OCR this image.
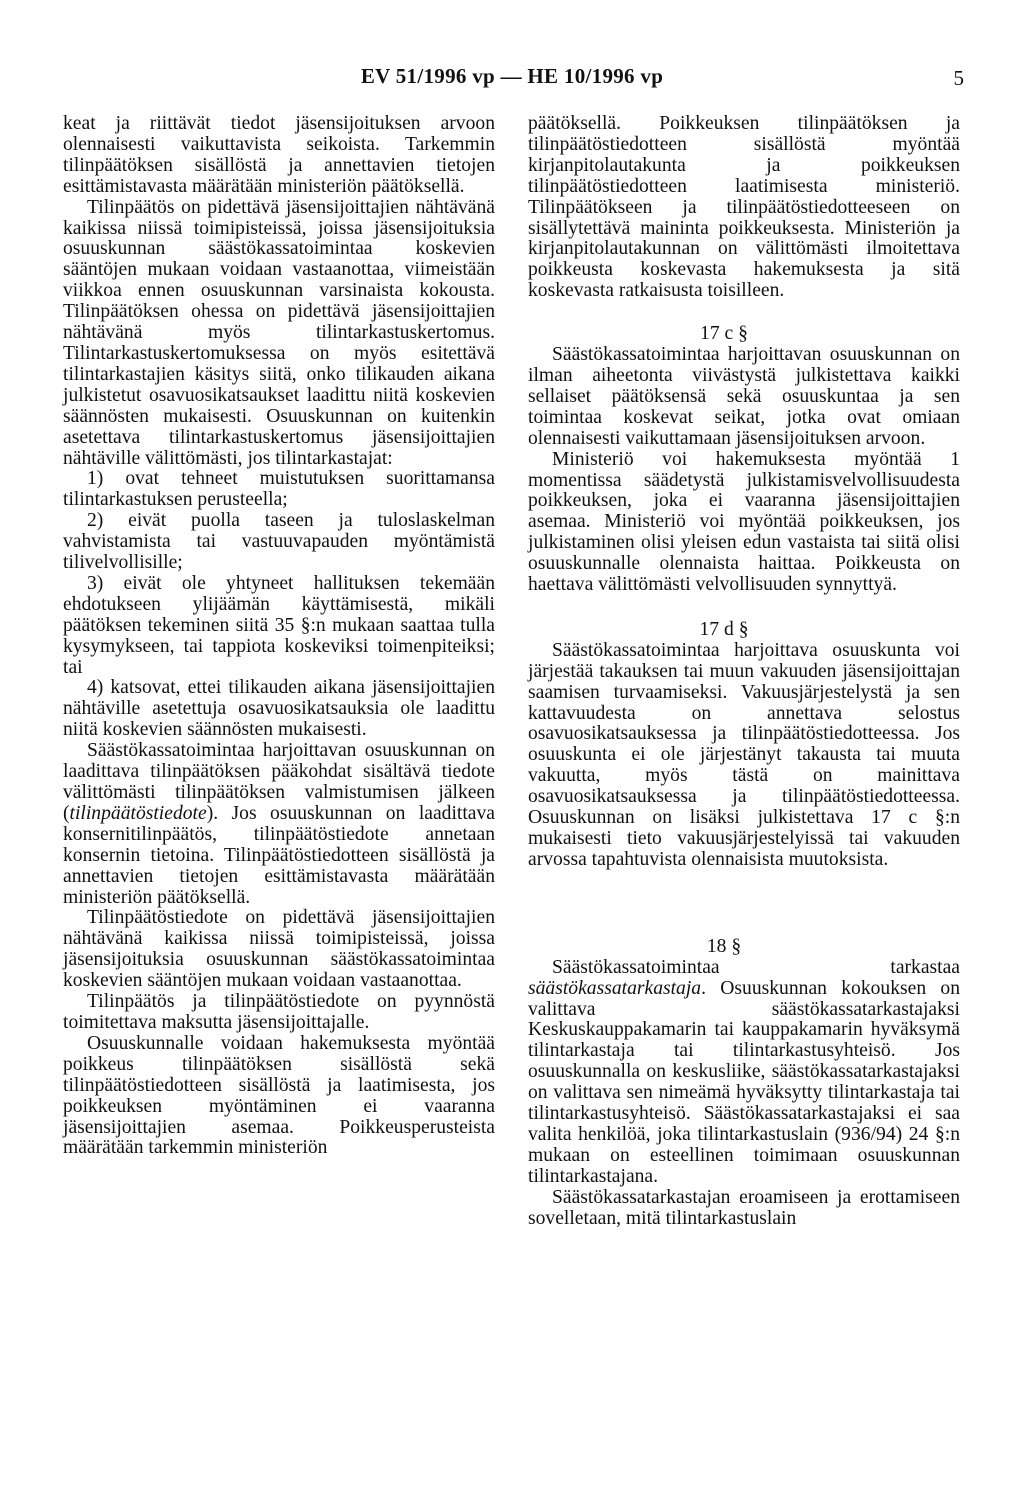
EV 51/1996 vp — HE 10/1996 vp	5

keat ja riittävät tiedot jäsensijoituksen arvoon olennaisesti vaikuttavista seikoista. Tarkemmin tilinpäätöksen sisällöstä ja annettavien tietojen esittämistavasta määrätään ministeriön päätöksellä.

Tilinpäätös on pidettävä jäsensijoittajien nähtävänä kaikissa niissä toimipisteissä, joissa jäsensijoituksia osuuskunnan säästökassatoimintaa koskevien sääntöjen mukaan voidaan vastaanottaa, viimeistään viikkoa ennen osuuskunnan varsinaista kokousta. Tilinpäätöksen ohessa on pidettävä jäsensijoittajien nähtävänä myös tilintarkastuskertomus. Tilintarkastuskertomuksessa on myös esitettävä tilintarkastajien käsitys siitä, onko tilikauden aikana julkistetut osavuosikatsaukset laadittu niitä koskevien säännösten mukaisesti. Osuuskunnan on kuitenkin asetettava tilintarkastuskertomus jäsensijoittajien nähtäville välittömästi, jos tilintarkastajat:

1) ovat tehneet muistutuksen suorittamansa tilintarkastuksen perusteella;

2) eivät puolla taseen ja tuloslaskelman vahvistamista tai vastuuvapauden myöntämistä tilivelvollisille;

3) eivät ole yhtyneet hallituksen tekemään ehdotukseen ylijäämän käyttämisestä, mikäli päätöksen tekeminen siitä 35 §:n mukaan saattaa tulla kysymykseen, tai tappiota koskeviksi toimenpiteiksi; tai

4) katsovat, ettei tilikauden aikana jäsensijoittajien nähtäville asetettuja osavuosikatsauksia ole laadittu niitä koskevien säännösten mukaisesti.

Säästökassatoimintaa harjoittavan osuuskunnan on laadittava tilinpäätöksen pääkohdat sisältävä tiedote välittömästi tilinpäätöksen valmistumisen jälkeen (tilinpäätöstiedote). Jos osuuskunnan on laadittava konsernitilinpäätös, tilinpäätöstiedote annetaan konsernin tietoina. Tilinpäätöstiedotteen sisällöstä ja annettavien tietojen esittämistavasta määrätään ministeriön päätöksellä.

Tilinpäätöstiedote on pidettävä jäsensijoittajien nähtävänä kaikissa niissä toimipisteissä, joissa jäsensijoituksia osuuskunnan säästökassatoimintaa koskevien sääntöjen mukaan voidaan vastaanottaa.

Tilinpäätös ja tilinpäätöstiedote on pyynnöstä toimitettava maksutta jäsensijoittajalle.

Osuuskunnalle voidaan hakemuksesta myöntää poikkeus tilinpäätöksen sisällöstä sekä tilinpäätöstiedotteen sisällöstä ja laatimisesta, jos poikkeuksen myöntäminen ei vaaranna jäsensijoittajien asemaa. Poikkeusperusteista määrätään tarkemmin ministeriön

päätöksellä. Poikkeuksen tilinpäätöksen ja tilinpäätöstiedotteen sisällöstä myöntää kirjanpitolautakunta ja poikkeuksen tilinpäätöstiedotteen laatimisesta ministeriö. Tilinpäätökseen ja tilinpäätöstiedotteeseen on sisällytettävä maininta poikkeuksesta. Ministeriön ja kirjanpitolautakunnan on välittömästi ilmoitettava poikkeusta koskevasta hakemuksesta ja sitä koskevasta ratkaisusta toisilleen.

17 c §

Säästökassatoimintaa harjoittavan osuuskunnan on ilman aiheetonta viivästystä julkistettava kaikki sellaiset päätöksensä sekä osuuskuntaa ja sen toimintaa koskevat seikat, jotka ovat omiaan olennaisesti vaikuttamaan jäsensijoituksen arvoon.

Ministeriö voi hakemuksesta myöntää 1 momentissa säädetystä julkistamisvelvollisuudesta poikkeuksen, joka ei vaaranna jäsensijoittajien asemaa. Ministeriö voi myöntää poikkeuksen, jos julkistaminen olisi yleisen edun vastaista tai siitä olisi osuuskunnalle olennaista haittaa. Poikkeusta on haettava välittömästi velvollisuuden synnyttyä.

17 d §

Säästökassatoimintaa harjoittava osuuskunta voi järjestää takauksen tai muun vakuuden jäsensijoittajan saamisen turvaamiseksi. Vakuusjärjestelystä ja sen kattavuudesta on annettava selostus osavuosikatsauksessa ja tilinpäätöstiedotteessa. Jos osuuskunta ei ole järjestänyt takausta tai muuta vakuutta, myös tästä on mainittava osavuosikatsauksessa ja tilinpäätöstiedotteessa. Osuuskunnan on lisäksi julkistettava 17 c §:n mukaisesti tieto vakuusjärjestelyissä tai vakuuden arvossa tapahtuvista olennaisista muutoksista.

18 §

Säästökassatoimintaa tarkastaa säästökassatarkastaja. Osuuskunnan kokouksen on valittava säästökassatarkastajaksi Keskuskauppakamarin tai kauppakamarin hyväksymä tilintarkastaja tai tilintarkastusyhteisö. Jos osuuskunnalla on keskusliike, säästökassatarkastajaksi on valittava sen nimeämä hyväksytty tilintarkastaja tai tilintarkastusyhteisö. Säästökassatarkastajaksi ei saa valita henkilöä, joka tilintarkastuslain (936/94) 24 §:n mukaan on esteellinen toimimaan osuuskunnan tilintarkastajana.

Säästökassatarkastajan eroamiseen ja erottamiseen sovelletaan, mitä tilintarkastuslain
